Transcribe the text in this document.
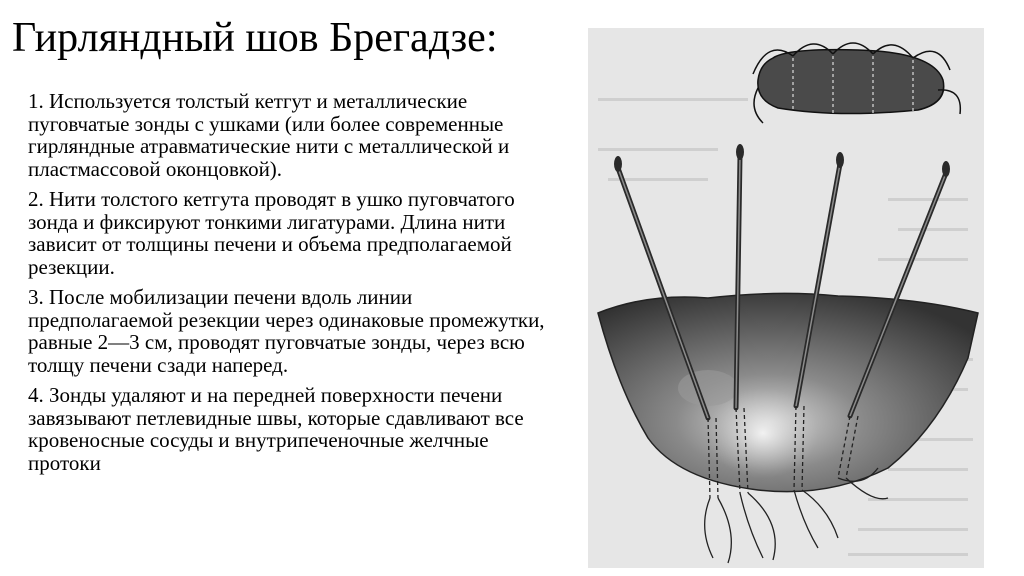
Гирляндный шов Брегадзе:

1. Используется толстый кетгут и металлические пуговчатые зонды с ушками (или более современные гирляндные атравматические нити с металлической и пластмассовой оконцовкой).

2. Нити толстого кетгута проводят в ушко пуговчатого зонда и фиксируют тонкими лигатурами. Длина нити зависит от толщины печени и объема предполагаемой резекции.

3. После мобилизации печени вдоль линии предполагаемой резекции через одинаковые промежутки, равные 2—3 см, проводят пуговчатые зонды, через всю толщу печени сзади наперед.

4. Зонды удаляют и на передней поверхности печени завязывают петлевидные швы, которые сдавливают все кровеносные сосуды и внутрипеченочные желчные протоки
